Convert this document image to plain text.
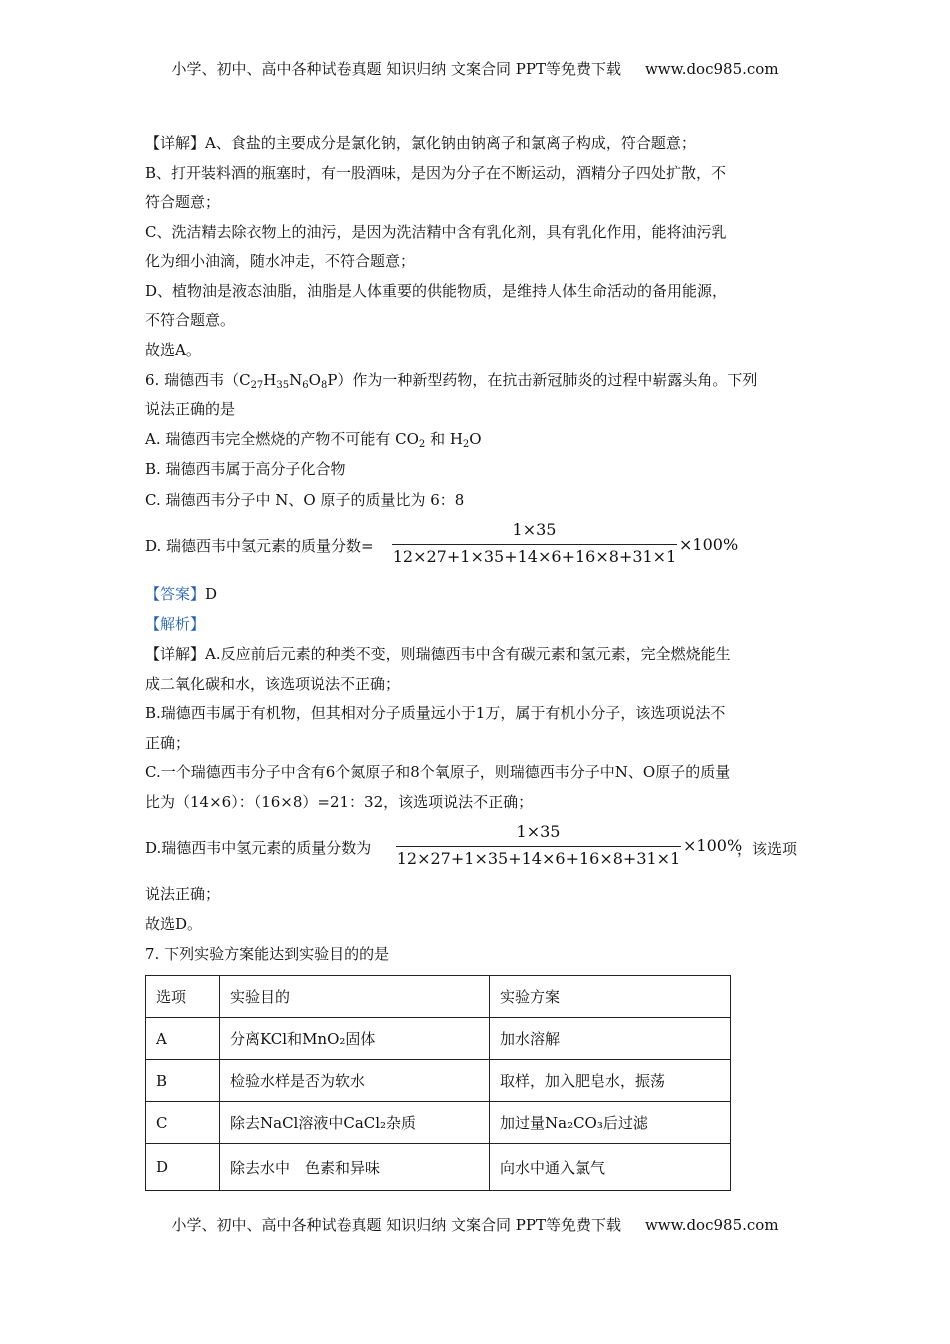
小学、初中、高中各种试卷真题 知识归纳 文案合同 PPT等免费下载 www.doc985.com
【详解】A、食盐的主要成分是氯化钠，氯化钠由钠离子和氯离子构成，符合题意；
B、打开装料酒的瓶塞时，有一股酒味，是因为分子在不断运动，酒精分子四处扩散，不
符合题意；
C、洗洁精去除衣物上的油污，是因为洗洁精中含有乳化剂，具有乳化作用，能将油污乳
化为细小油滴，随水冲走，不符合题意；
D、植物油是液态油脂，油脂是人体重要的供能物质，是维持人体生命活动的备用能源，
不符合题意。
故选A。
6. 瑞德西韦$(C_{27}H_{35}N_6O_8P)$作为一种新型药物，在抗击新冠肺炎的过程中崭露头角。下列
说法正确的是
A. 瑞德西韦完全燃烧的产物不可能有 $CO_2$ 和 $H_2O$
B. 瑞德西韦属于高分子化合物
C. 瑞德西韦分子中 N、O 原子的质量比为 6：8
D. 瑞德西韦中氢元素的质量分数=
1×35
12×27+1×35+14×6+16×8+31×1
×100%
【答案】D
【解析】
【详解】A.反应前后元素的种类不变，则瑞德西韦中含有碳元素和氢元素，完全燃烧能生
成二氧化碳和水，该选项说法不正确；
B.瑞德西韦属于有机物，但其相对分子质量远小于1万，属于有机小分子，该选项说法不
正确；
C.一个瑞德西韦分子中含有6个氮原子和8个氧原子，则瑞德西韦分子中N、O原子的质量
比为（14×6）：（16×8）=21：32，该选项说法不正确；
D.瑞德西韦中氢元素的质量分数为
1×35
12×27+1×35+14×6+16×8+31×1
×100%
，该选项
说法正确；
故选D。
7. 下列实验方案能达到实验目的的是
选项	实验目的	实验方案
A	分离KCl和MnO₂固体	加水溶解
B	检验水样是否为软水	取样，加入肥皂水，振荡
C	除去NaCl溶液中CaCl₂杂质	加过量Na₂CO₃后过滤
D	除去水中　色素和异味	向水中通入氯气
小学、初中、高中各种试卷真题 知识归纳 文案合同 PPT等免费下载 www.doc985.com
